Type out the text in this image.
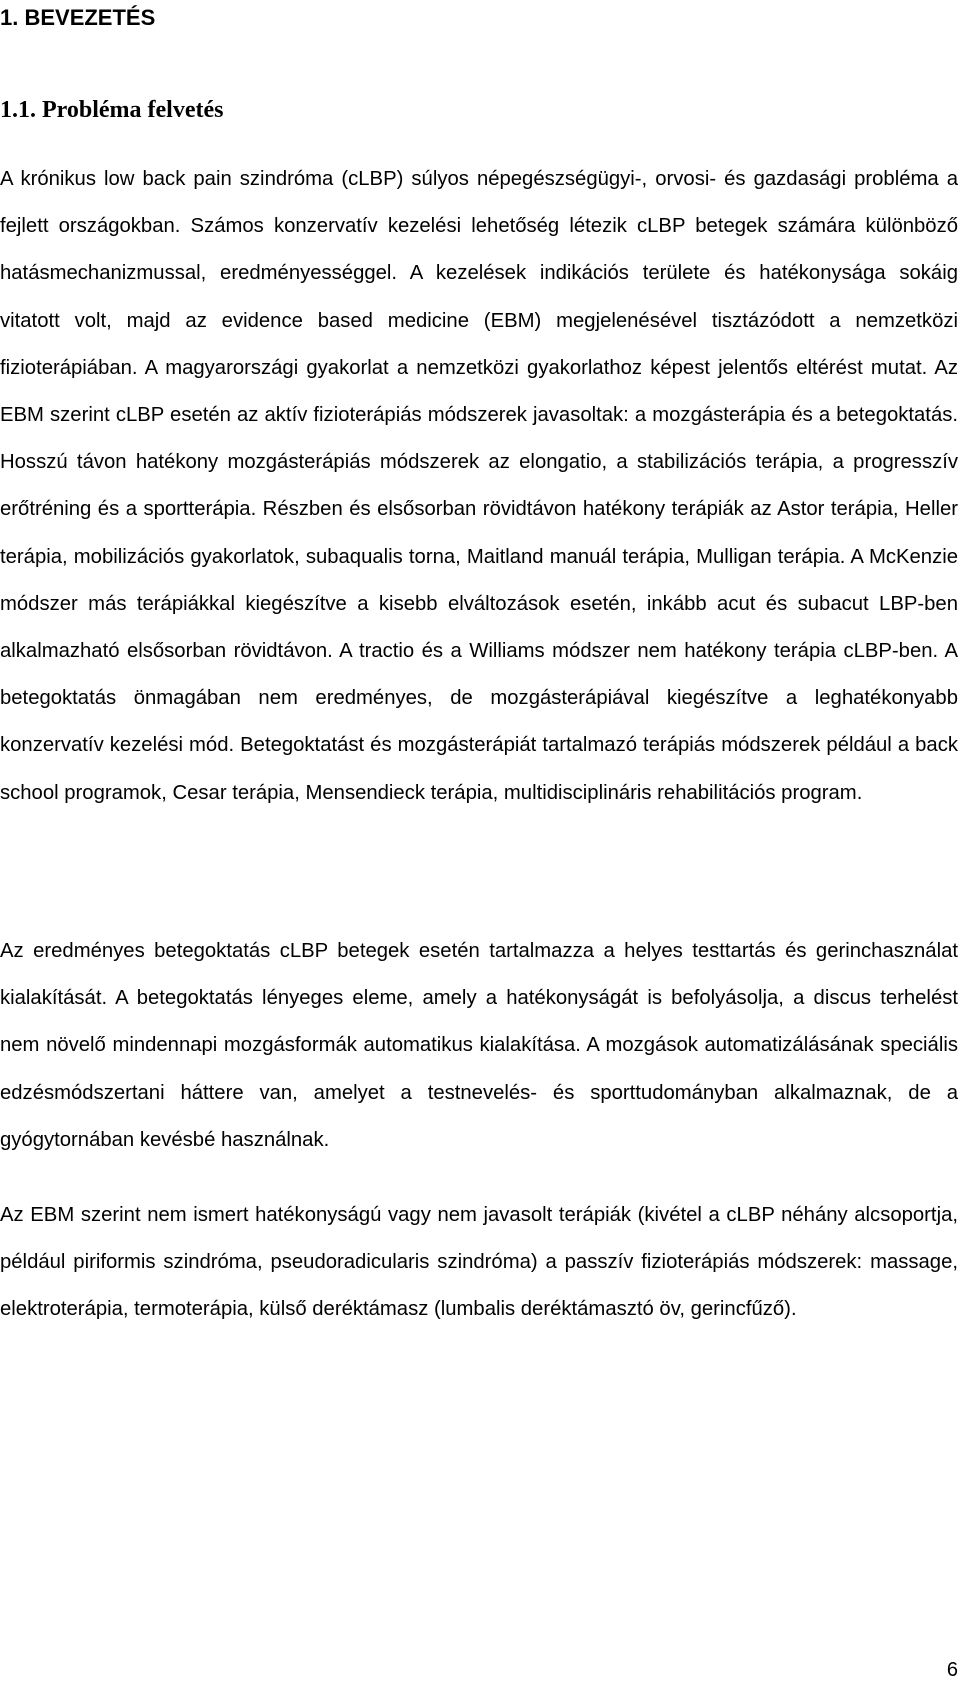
1. BEVEZETÉS
1.1. Probléma felvetés

A krónikus low back pain szindróma (cLBP) súlyos népegészségügyi-, orvosi- és gazdasági probléma a fejlett országokban. Számos konzervatív kezelési lehetőség létezik cLBP betegek számára különböző hatásmechanizmussal, eredményességgel. A kezelések indikációs területe és hatékonysága sokáig vitatott volt, majd az evidence based medicine (EBM) megjelenésével tisztázódott a nemzetközi fizioterápiában. A magyarországi gyakorlat a nemzetközi gyakorlathoz képest jelentős eltérést mutat. Az EBM szerint cLBP esetén az aktív fizioterápiás módszerek javasoltak: a mozgásterápia és a betegoktatás. Hosszú távon hatékony mozgásterápiás módszerek az elongatio, a stabilizációs terápia, a progresszív erőtréning és a sportterápia. Részben és elsősorban rövidtávon hatékony terápiák az Astor terápia, Heller terápia, mobilizációs gyakorlatok, subaqualis torna, Maitland manuál terápia, Mulligan terápia. A McKenzie módszer más terápiákkal kiegészítve a kisebb elváltozások esetén, inkább acut és subacut LBP-ben alkalmazható elsősorban rövidtávon. A tractio és a Williams módszer nem hatékony terápia cLBP-ben. A betegoktatás önmagában nem eredményes, de mozgásterápiával kiegészítve a leghatékonyabb konzervatív kezelési mód. Betegoktatást és mozgásterápiát tartalmazó terápiás módszerek például a back school programok, Cesar terápia, Mensendieck terápia, multidisciplináris rehabilitációs program.

Az eredményes betegoktatás cLBP betegek esetén tartalmazza a helyes testtartás és gerinchasználat kialakítását. A betegoktatás lényeges eleme, amely a hatékonyságát is befolyásolja, a discus terhelést nem növelő mindennapi mozgásformák automatikus kialakítása. A mozgások automatizálásának speciális edzésmódszertani háttere van, amelyet a testnevelés- és sporttudományban alkalmaznak, de a gyógytornában kevésbé használnak.

Az EBM szerint nem ismert hatékonyságú vagy nem javasolt terápiák (kivétel a cLBP néhány alcsoportja, például piriformis szindróma, pseudoradicularis szindróma) a passzív fizioterápiás módszerek: massage, elektroterápia, termoterápia, külső deréktámasz (lumbalis deréktámasztó öv, gerincfűző).

6
